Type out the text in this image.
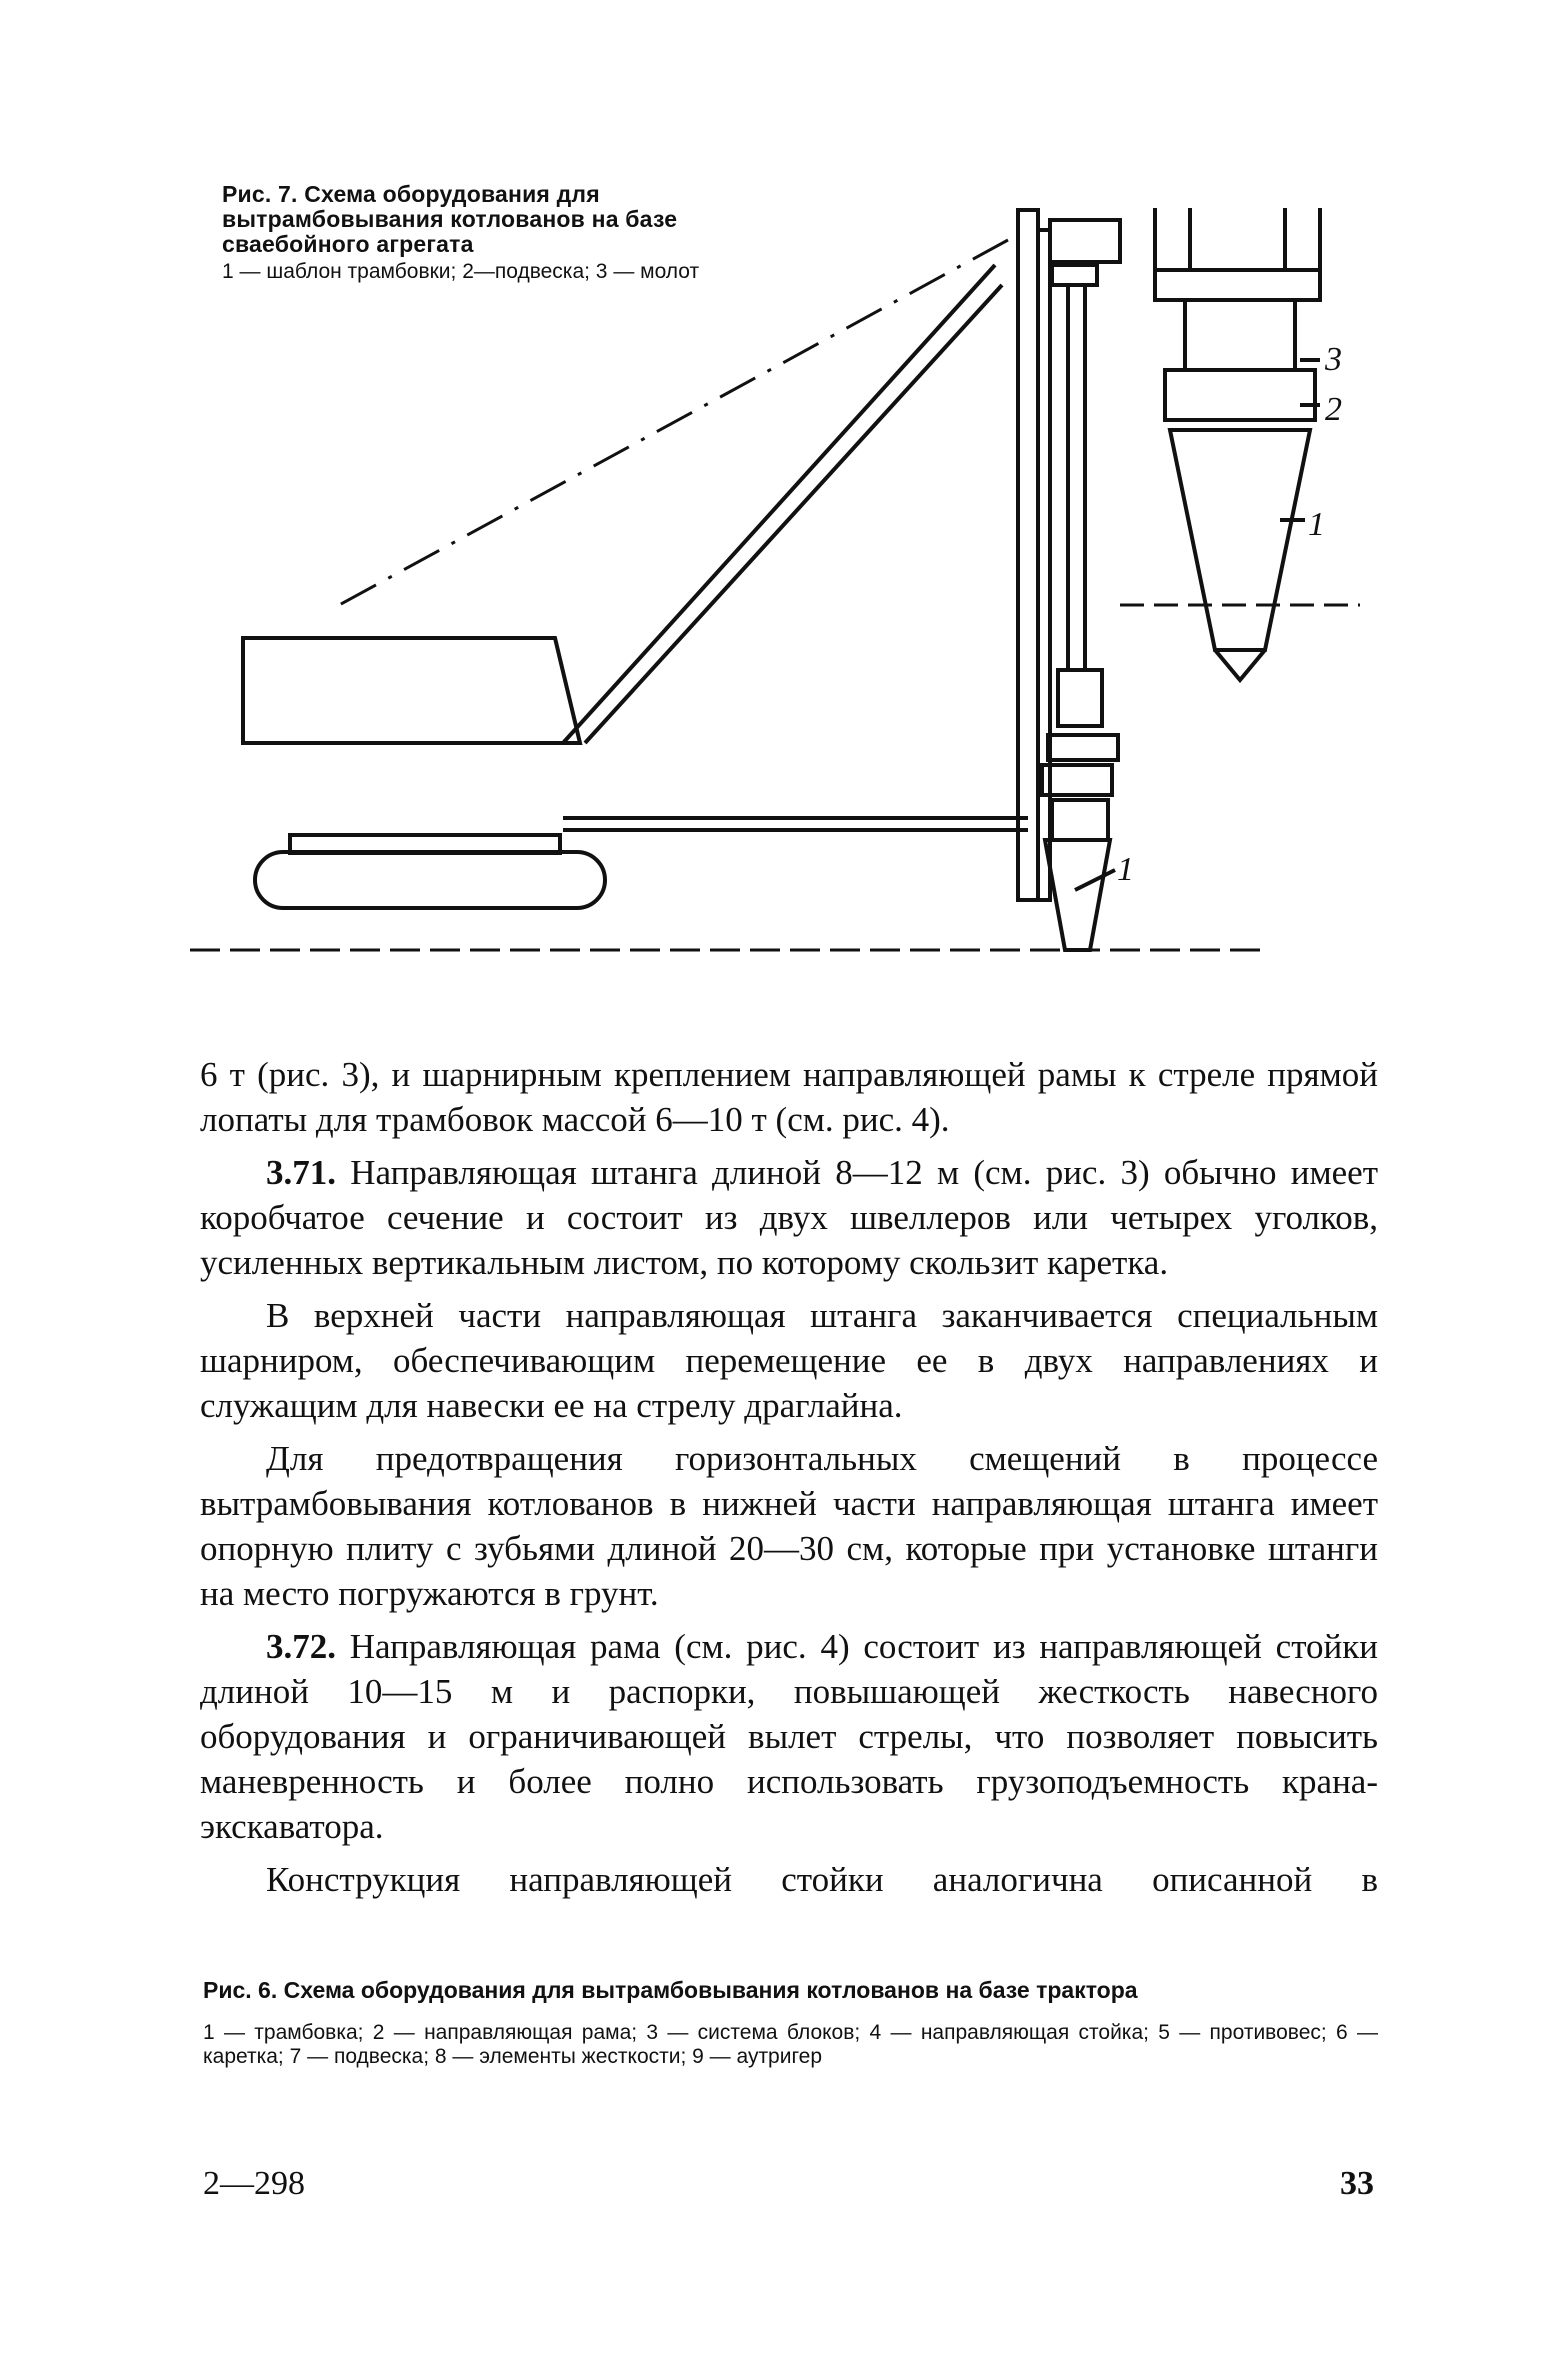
Рис. 7. Схема оборудования для вытрамбовывания котлованов на базе сваебойного агрегата
1 — шаблон трамбовки; 2—подвеска; 3 — молот
3
2
1
1

6 т (рис. 3), и шарнирным креплением направляющей рамы к стреле прямой лопаты для трамбовок массой 6—10 т (см. рис. 4).

3.71. Направляющая штанга длиной 8—12 м (см. рис. 3) обычно имеет коробчатое сечение и состоит из двух швеллеров или четырех уголков, усиленных вертикальным листом, по которому скользит каретка.

В верхней части направляющая штанга заканчивается специальным шарниром, обеспечивающим перемещение ее в двух направлениях и служащим для навески ее на стрелу драглайна.

Для предотвращения горизонтальных смещений в процессе вытрамбовывания котлованов в нижней части направляющая штанга имеет опорную плиту с зубьями длиной 20—30 см, которые при установке штанги на место погружаются в грунт.

3.72. Направляющая рама (см. рис. 4) состоит из направляющей стойки длиной 10—15 м и распорки, повышающей жесткость навесного оборудования и ограничивающей вылет стрелы, что позволяет повысить маневренность и более полно использовать грузоподъемность крана-экскаватора.

Конструкция направляющей стойки аналогична описанной в

Рис. 6. Схема оборудования для вытрамбовывания котлованов на базе трактора
1 — трамбовка; 2 — направляющая рама; 3 — система блоков; 4 — направляющая стойка; 5 — противовес; 6 — каретка; 7 — подвеска; 8 — элементы жесткости; 9 — аутригер
2—298	33
